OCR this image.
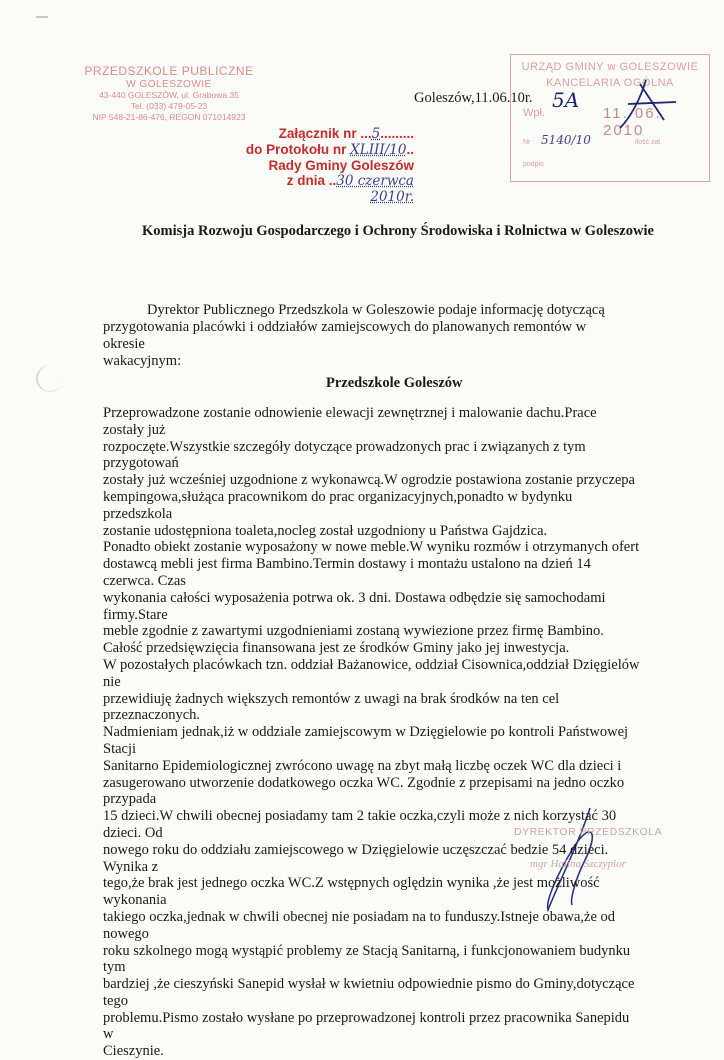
PRZEDSZKOLE PUBLICZNE
W GOLESZOWIE
43-440 GOLESZÓW, ul. Grabowa 35
Tel. (033) 479-05-23
NIP 548-21-86-476, REGON 071014923
Goleszów,11.06.10r.
Załącznik nr ...5.........
do Protokołu nr XLIII/10..
Rady Gminy Goleszów
z dnia ..30 czerwca 2010r.
URZĄD GMINY w GOLESZOWIE
KANCELARIA OGÓLNA
Wpł.	11. 06. 2010
Nr 5140/10	ilość zał.
podpis
5A
Komisja Rozwoju Gospodarczego i Ochrony Środowiska i Rolnictwa w Goleszowie
Dyrektor Publicznego Przedszkola w Goleszowie podaje informację dotyczącą
przygotowania placówki i oddziałów zamiejscowych do planowanych remontów w okresie
wakacyjnym:
Przedszkole Goleszów

Przeprowadzone zostanie odnowienie elewacji zewnętrznej i malowanie dachu.Prace zostały już

rozpoczęte.Wszystkie szczegóły dotyczące prowadzonych prac i związanych z tym przygotowań

zostały już wcześniej uzgodnione z wykonawcą.W ogrodzie postawiona zostanie przyczepa

kempingowa,służąca pracownikom do prac organizacyjnych,ponadto w bydynku przedszkola

zostanie udostępniona toaleta,nocleg został uzgodniony u Państwa Gajdzica.

Ponadto obiekt zostanie wyposażony w nowe meble.W wyniku rozmów i otrzymanych ofert

dostawcą mebli jest firma Bambino.Termin dostawy i montażu ustalono na dzień 14 czerwca. Czas

wykonania całości wyposażenia potrwa ok. 3 dni. Dostawa odbędzie się samochodami firmy.Stare

meble zgodnie z zawartymi uzgodnieniami zostaną wywiezione przez firmę Bambino.

Całość przedsięwzięcia finansowana jest ze środków Gminy jako jej inwestycja.

W pozostałych placówkach tzn. oddział Bażanowice, oddział Cisownica,oddział Dzięgielów nie

przewidiuję żadnych większych remontów z uwagi na brak środków na ten cel przeznaczonych.

Nadmieniam jednak,iż w oddziale zamiejscowym w Dzięgielowie po kontroli Państwowej Stacji

Sanitarno Epidemiologicznej zwrócono uwagę na zbyt małą liczbę oczek WC dla dzieci i

zasugerowano utworzenie dodatkowego oczka WC. Zgodnie z przepisami na jedno oczko przypada

15 dzieci.W chwili obecnej posiadamy tam 2 takie oczka,czyli może z nich korzystać 30 dzieci. Od

nowego roku do oddziału zamiejscowego w Dzięgielowie uczęszczać bedzie 54 dzieci. Wynika z

tego,że brak jest jednego oczka WC.Z wstępnych oględzin wynika ,że jest możliwość wykonania

takiego oczka,jednak w chwili obecnej nie posiadam na to funduszy.Istneje obawa,że od nowego

roku szkolnego mogą wystąpić problemy ze Stacją Sanitarną, i funkcjonowaniem budynku tym

bardziej ,że cieszyński Sanepid wysłał w kwietniu odpowiednie pismo do Gminy,dotyczące tego

problemu.Pismo zostało wysłane po przeprowadzonej kontroli przez pracownika Sanepidu w

Cieszynie.

DYREKTOR PRZEDSZKOLA
mgr Halina Szczypior
